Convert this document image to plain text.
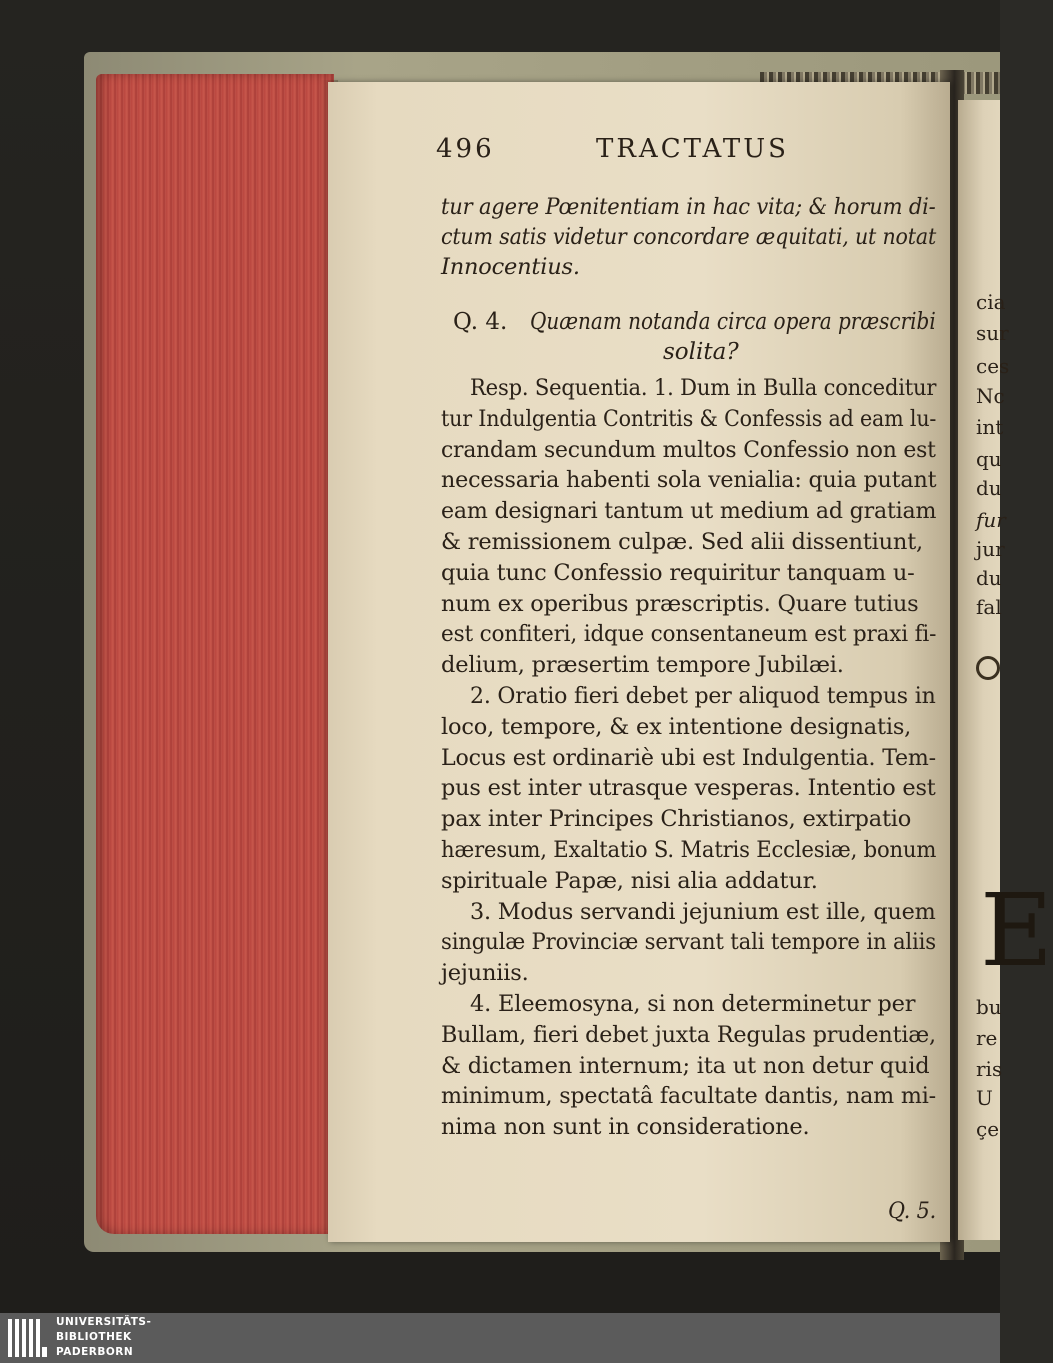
496	TRACTATUS
tur agere Pœnitentiam in hac vita; & horum di-
ctum satis videtur concordare æquitati, ut notat
Innocentius.
Q. 4. Quænam notanda circa opera præscribi
solita?
Resp. Sequentia. 1. Dum in Bulla conceditur
tur Indulgentia Contritis & Confessis ad eam lu-
crandam secundum multos Confessio non est
necessaria habenti sola venialia: quia putant
eam designari tantum ut medium ad gratiam
& remissionem culpæ. Sed alii dissentiunt,
quia tunc Confessio requiritur tanquam u-
num ex operibus præscriptis. Quare tutius
est confiteri, idque consentaneum est praxi fi-
delium, præsertim tempore Jubilæi.
2. Oratio fieri debet per aliquod tempus in
loco, tempore, & ex intentione designatis,
Locus est ordinariè ubi est Indulgentia. Tem-
pus est inter utrasque vesperas. Intentio est
pax inter Principes Christianos, extirpatio
hæresum, Exaltatio S. Matris Ecclesiæ, bonum
spirituale Papæ, nisi alia addatur.
3. Modus servandi jejunium est ille, quem
singulæ Provinciæ servant tali tempore in aliis
jejuniis.
4. Eleemosyna, si non determinetur per
Bullam, fieri debet juxta Regulas prudentiæ,
& dictamen internum; ita ut non detur quid
minimum, spectatâ facultate dantis, nam mi-
nima non sunt in consideratione.
Q. 5.
cia
sur
ces
Nc
int
qu
du
fur
jur
du
fal
E
bu
re
ris
U
çe
UNIVERSITÄTS-
BIBLIOTHEK
PADERBORN
